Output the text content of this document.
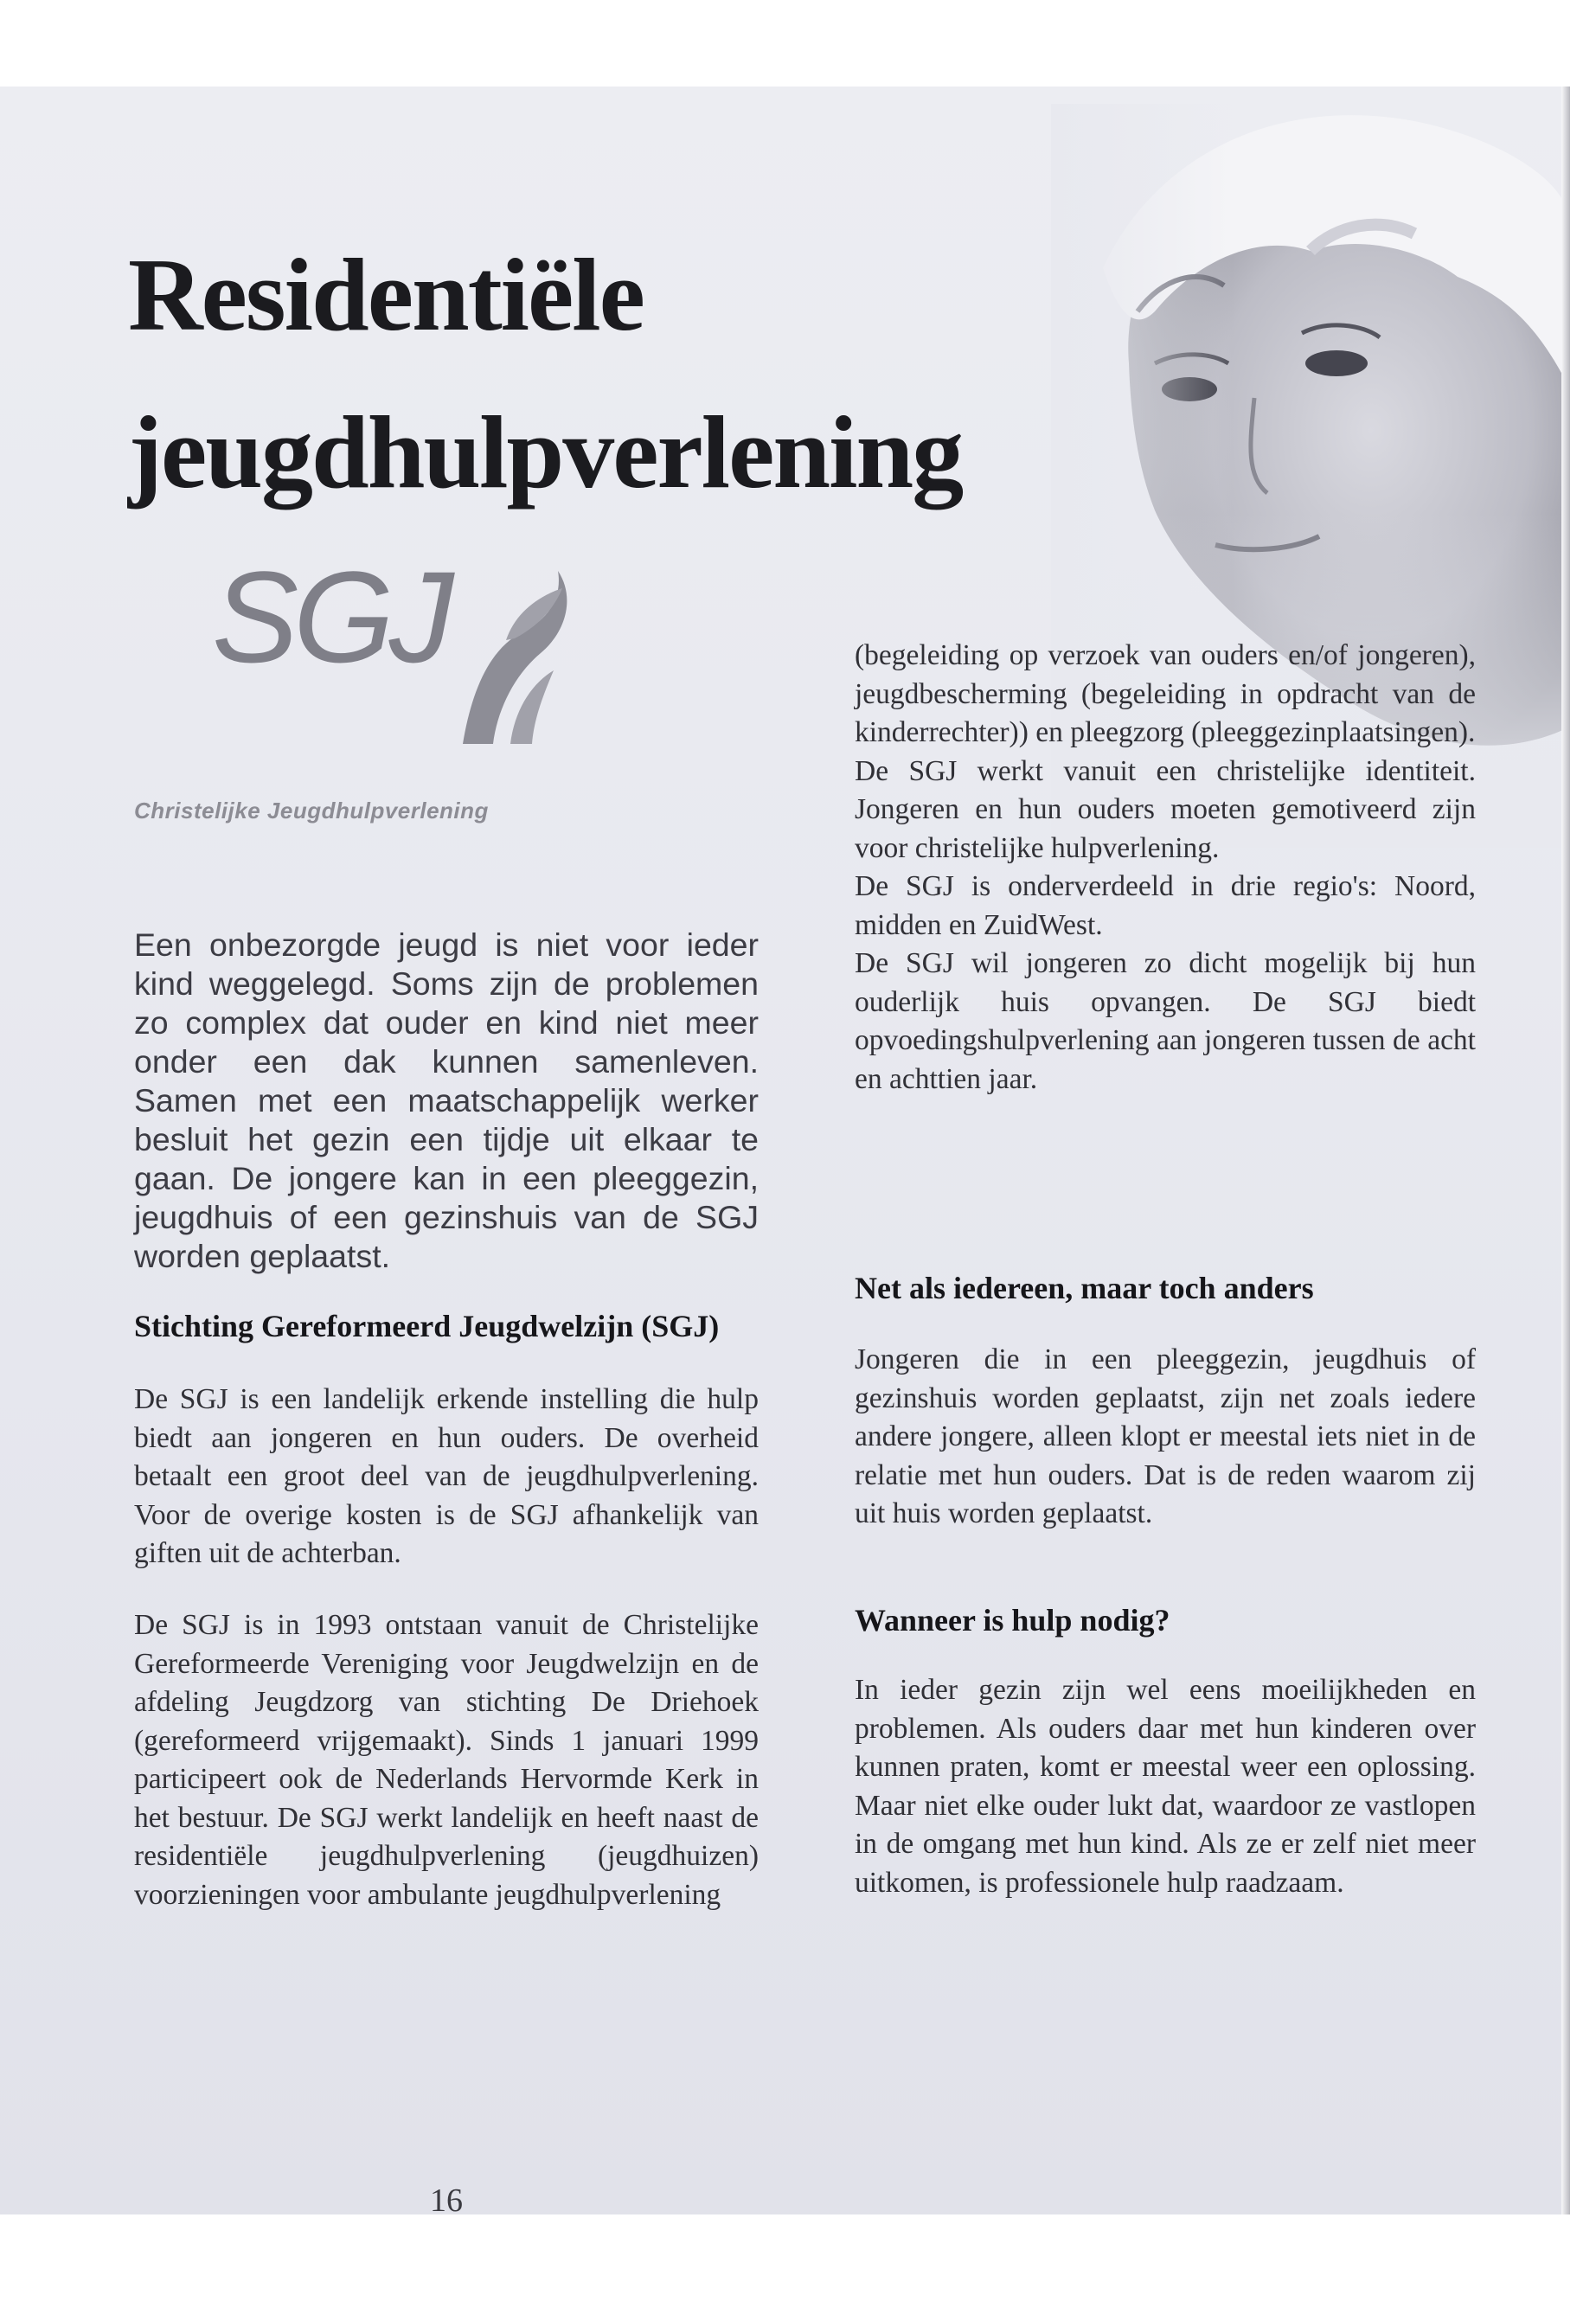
Residentiële
jeugdhulpverlening
SGJ
Christelijke Jeugdhulpverlening

Een onbezorgde jeugd is niet voor ieder kind weggelegd. Soms zijn de problemen zo complex dat ouder en kind niet meer onder een dak kunnen samenleven. Samen met een maatschappelijk werker besluit het gezin een tijdje uit elkaar te gaan. De jongere kan in een pleeggezin, jeugdhuis of een gezinshuis van de SGJ worden geplaatst.

Stichting Gereformeerd Jeugdwelzijn (SGJ)

De SGJ is een landelijk erkende instelling die hulp biedt aan jongeren en hun ouders. De overheid betaalt een groot deel van de jeugdhulpverlening. Voor de overige kosten is de SGJ afhankelijk van giften uit de achterban.

De SGJ is in 1993 ontstaan vanuit de Christelijke Gereformeerde Vereniging voor Jeugdwelzijn en de afdeling Jeugdzorg van stichting De Driehoek (gereformeerd vrijgemaakt). Sinds 1 januari 1999 participeert ook de Nederlands Hervormde Kerk in het bestuur. De SGJ werkt landelijk en heeft naast de residentiële jeugdhulpverlening (jeugdhuizen) voorzieningen voor ambulante jeugdhulpverlening

(begeleiding op verzoek van ouders en/of jongeren), jeugdbescherming (begeleiding in opdracht van de kinderrechter)) en pleegzorg (pleeggezinplaatsingen).

De SGJ werkt vanuit een christelijke identiteit. Jongeren en hun ouders moeten gemotiveerd zijn voor christelijke hulpverlening.

De SGJ is onderverdeeld in drie regio's: Noord, midden en ZuidWest.

De SGJ wil jongeren zo dicht mogelijk bij hun ouderlijk huis opvangen. De SGJ biedt opvoedingshulpverlening aan jongeren tussen de acht en achttien jaar.

Net als iedereen, maar toch anders

Jongeren die in een pleeggezin, jeugdhuis of gezinshuis worden geplaatst, zijn net zoals iedere andere jongere, alleen klopt er meestal iets niet in de relatie met hun ouders. Dat is de reden waarom zij uit huis worden geplaatst.

Wanneer is hulp nodig?

In ieder gezin zijn wel eens moeilijkheden en problemen. Als ouders daar met hun kinderen over kunnen praten, komt er meestal weer een oplossing. Maar niet elke ouder lukt dat, waardoor ze vastlopen in de omgang met hun kind. Als ze er zelf niet meer uitkomen, is professionele hulp raadzaam.

16
